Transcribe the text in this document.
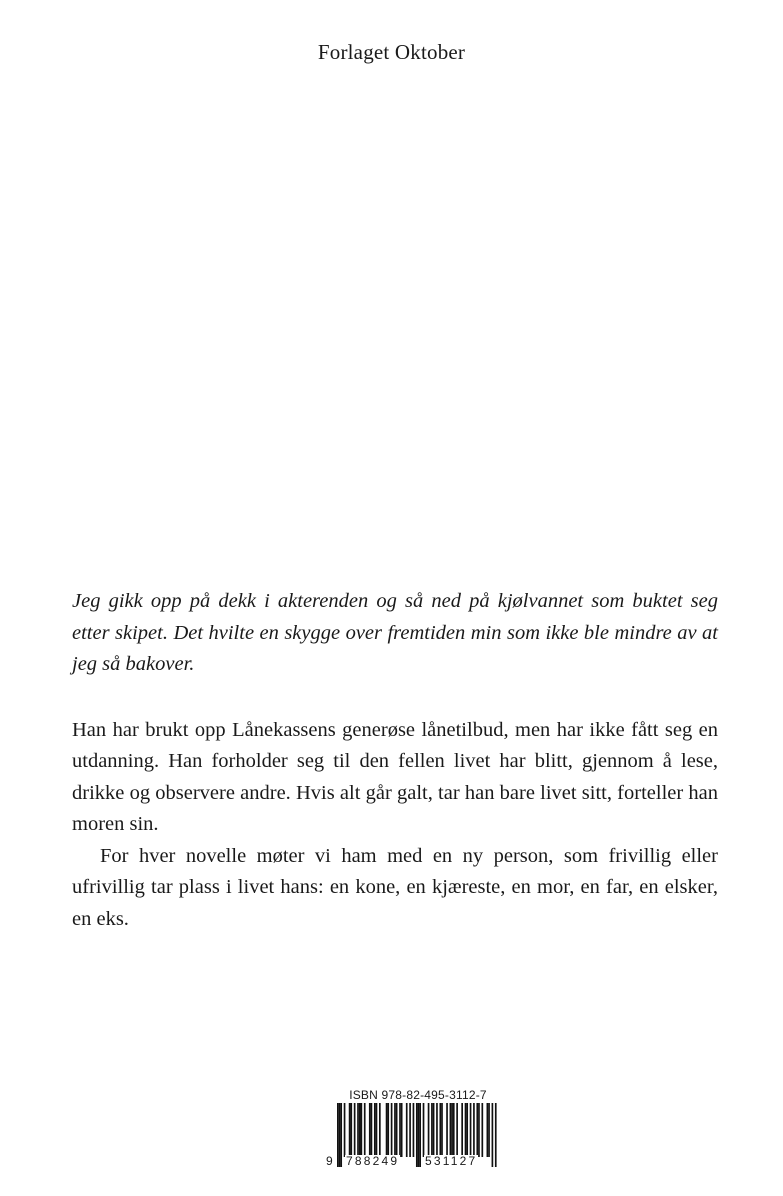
Forlaget Oktober

Jeg gikk opp på dekk i akterenden og så ned på kjølvannet som buktet seg etter skipet. Det hvilte en skygge over fremtiden min som ikke ble mindre av at jeg så bakover.

Han har brukt opp Lånekassens generøse lånetilbud, men har ikke fått seg en utdanning. Han forholder seg til den fellen livet har blitt, gjennom å lese, drikke og observere andre. Hvis alt går galt, tar han bare livet sitt, forteller han moren sin.

For hver novelle møter vi ham med en ny person, som frivillig eller ufrivillig tar plass i livet hans: en kone, en kjæreste, en mor, en far, en elsker, en eks.

ISBN 978-82-495-3112-7

9 788249 531127
